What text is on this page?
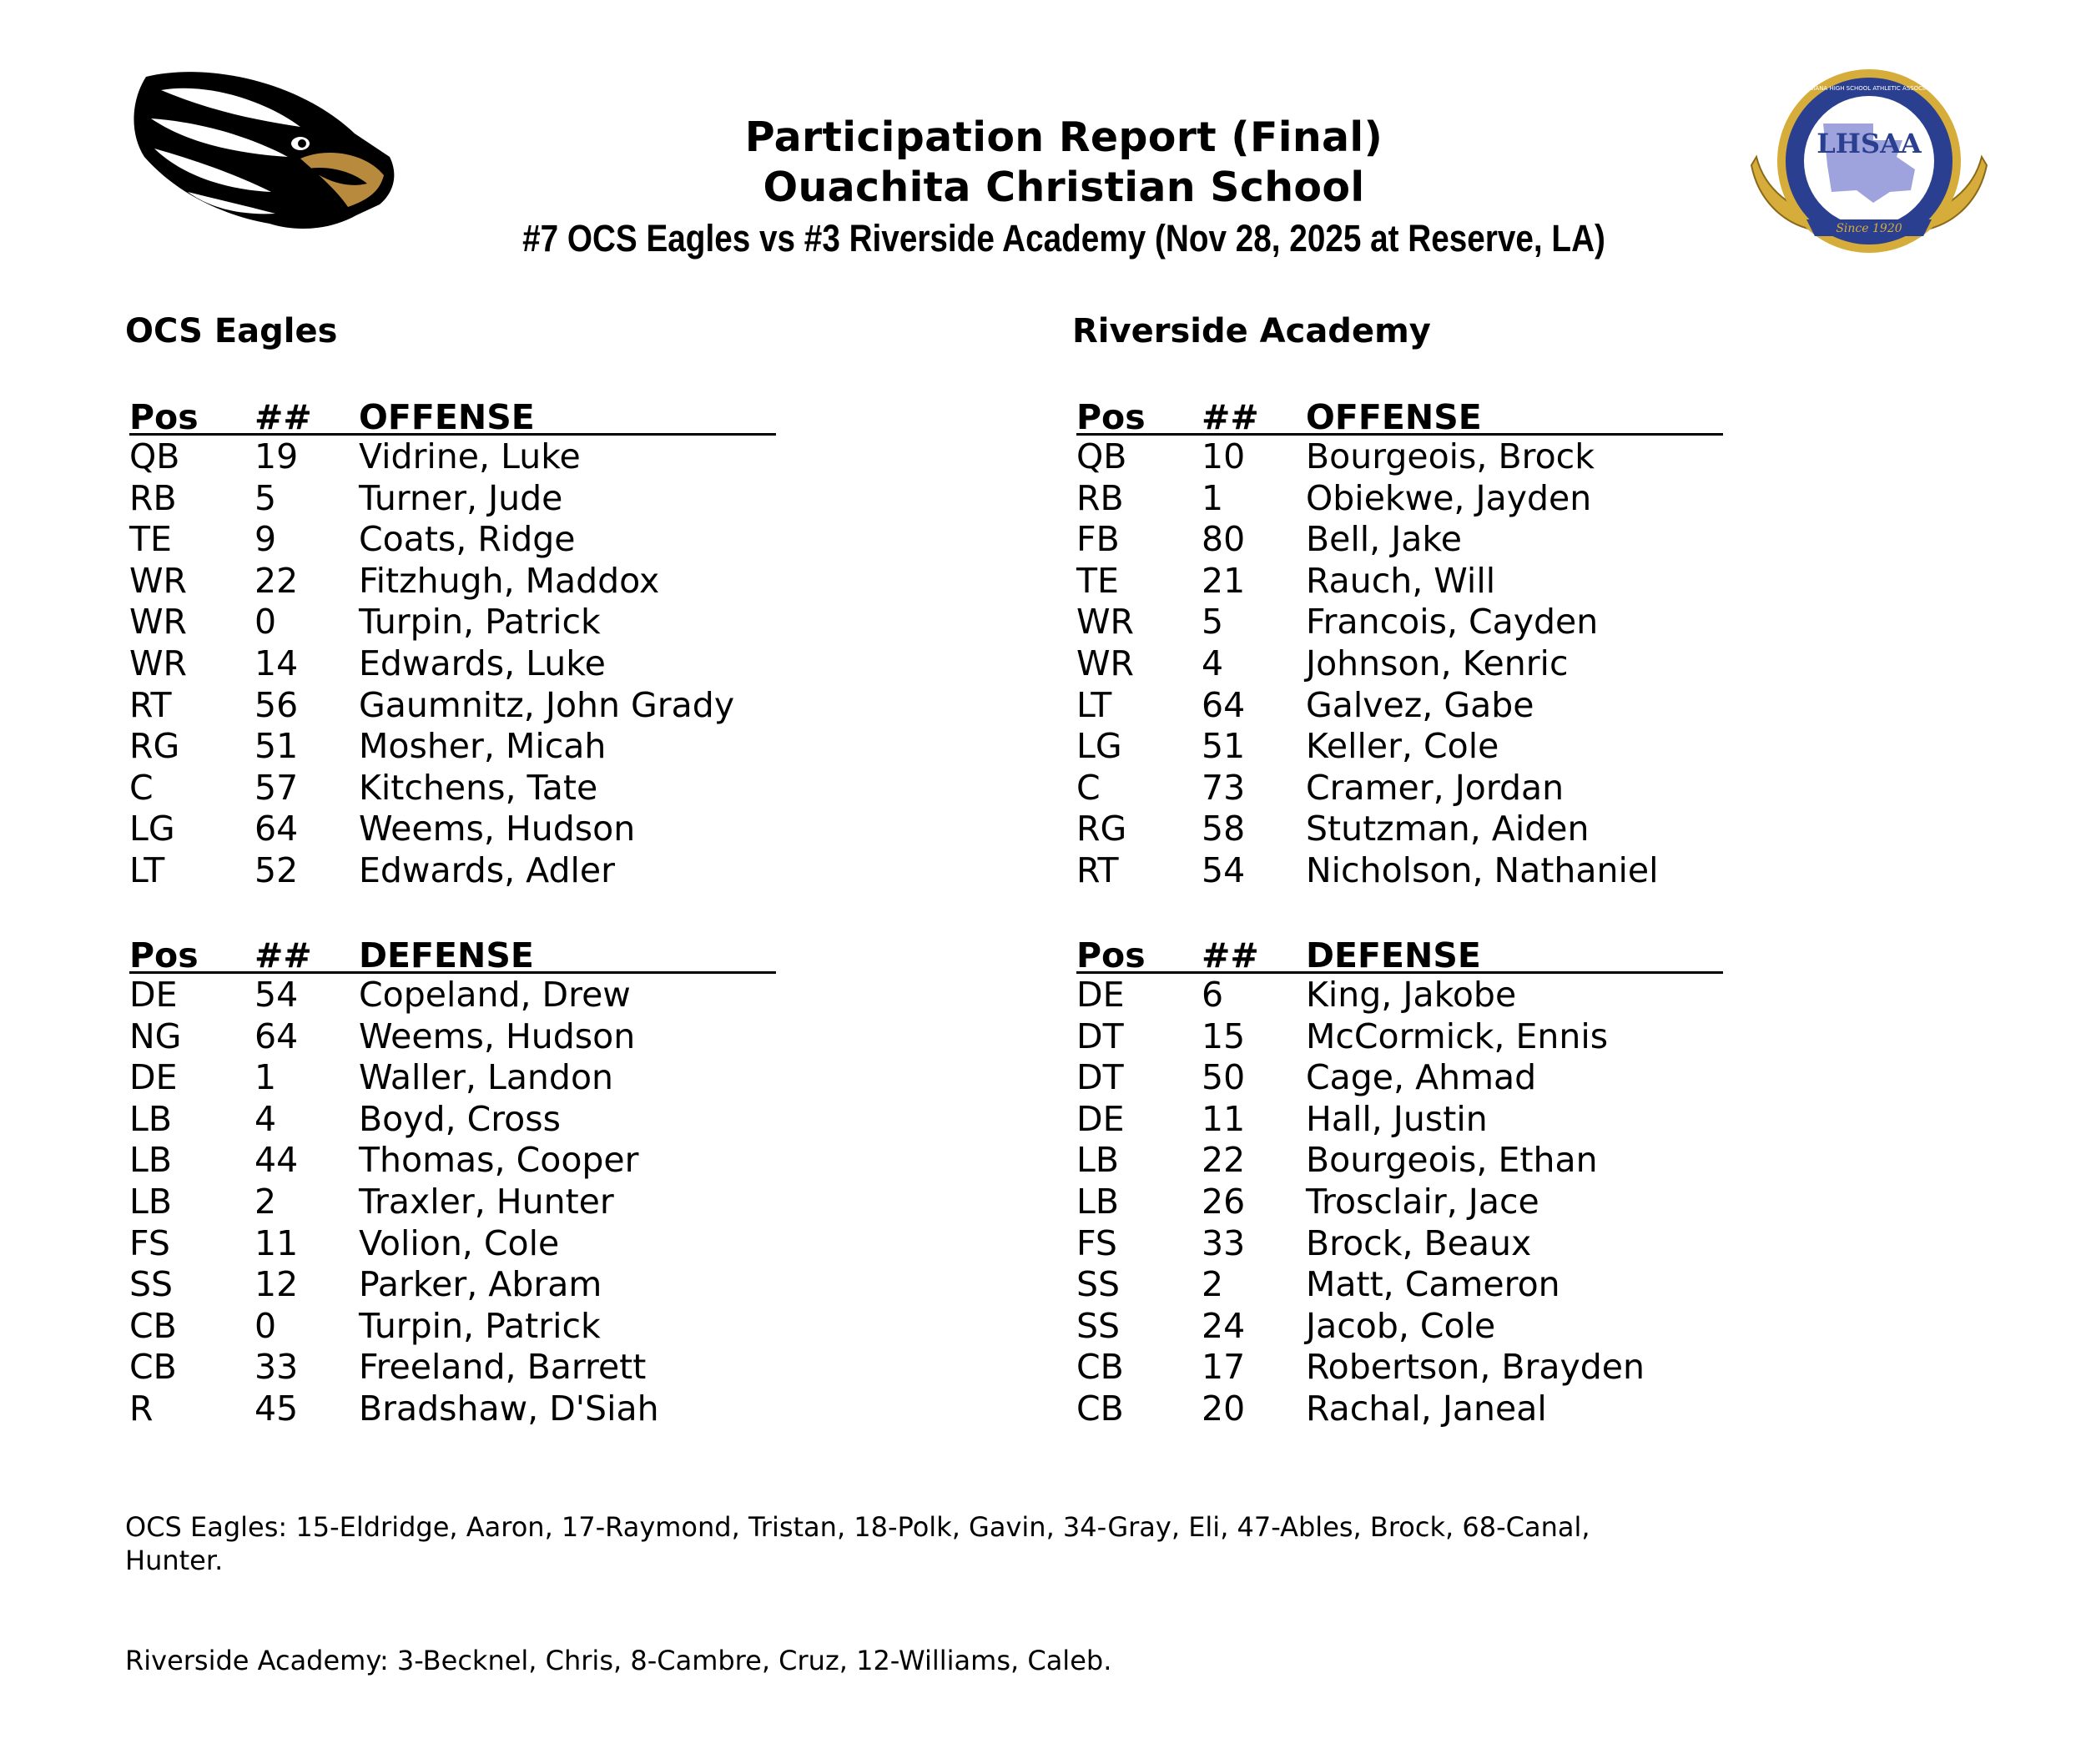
LHSAA
Since 1920
LOUISIANA HIGH SCHOOL ATHLETIC ASSOCIATION
Participation Report (Final)
Ouachita Christian School
#7 OCS Eagles vs #3 Riverside Academy (Nov 28, 2025 at Reserve, LA)
OCS Eagles
Pos	##	OFFENSE
QB	19	Vidrine, Luke
RB	5	Turner, Jude
TE	9	Coats, Ridge
WR	22	Fitzhugh, Maddox
WR	0	Turpin, Patrick
WR	14	Edwards, Luke
RT	56	Gaumnitz, John Grady
RG	51	Mosher, Micah
C	57	Kitchens, Tate
LG	64	Weems, Hudson
LT	52	Edwards, Adler
Pos	##	DEFENSE
DE	54	Copeland, Drew
NG	64	Weems, Hudson
DE	1	Waller, Landon
LB	4	Boyd, Cross
LB	44	Thomas, Cooper
LB	2	Traxler, Hunter
FS	11	Volion, Cole
SS	12	Parker, Abram
CB	0	Turpin, Patrick
CB	33	Freeland, Barrett
R	45	Bradshaw, D'Siah
Riverside Academy
Pos	##	OFFENSE
QB	10	Bourgeois, Brock
RB	1	Obiekwe, Jayden
FB	80	Bell, Jake
TE	21	Rauch, Will
WR	5	Francois, Cayden
WR	4	Johnson, Kenric
LT	64	Galvez, Gabe
LG	51	Keller, Cole
C	73	Cramer, Jordan
RG	58	Stutzman, Aiden
RT	54	Nicholson, Nathaniel
Pos	##	DEFENSE
DE	6	King, Jakobe
DT	15	McCormick, Ennis
DT	50	Cage, Ahmad
DE	11	Hall, Justin
LB	22	Bourgeois, Ethan
LB	26	Trosclair, Jace
FS	33	Brock, Beaux
SS	2	Matt, Cameron
SS	24	Jacob, Cole
CB	17	Robertson, Brayden
CB	20	Rachal, Janeal
OCS Eagles: 15-Eldridge, Aaron, 17-Raymond, Tristan, 18-Polk, Gavin, 34-Gray, Eli, 47-Ables, Brock, 68-Canal, Hunter.
Riverside Academy: 3-Becknel, Chris, 8-Cambre, Cruz, 12-Williams, Caleb.
